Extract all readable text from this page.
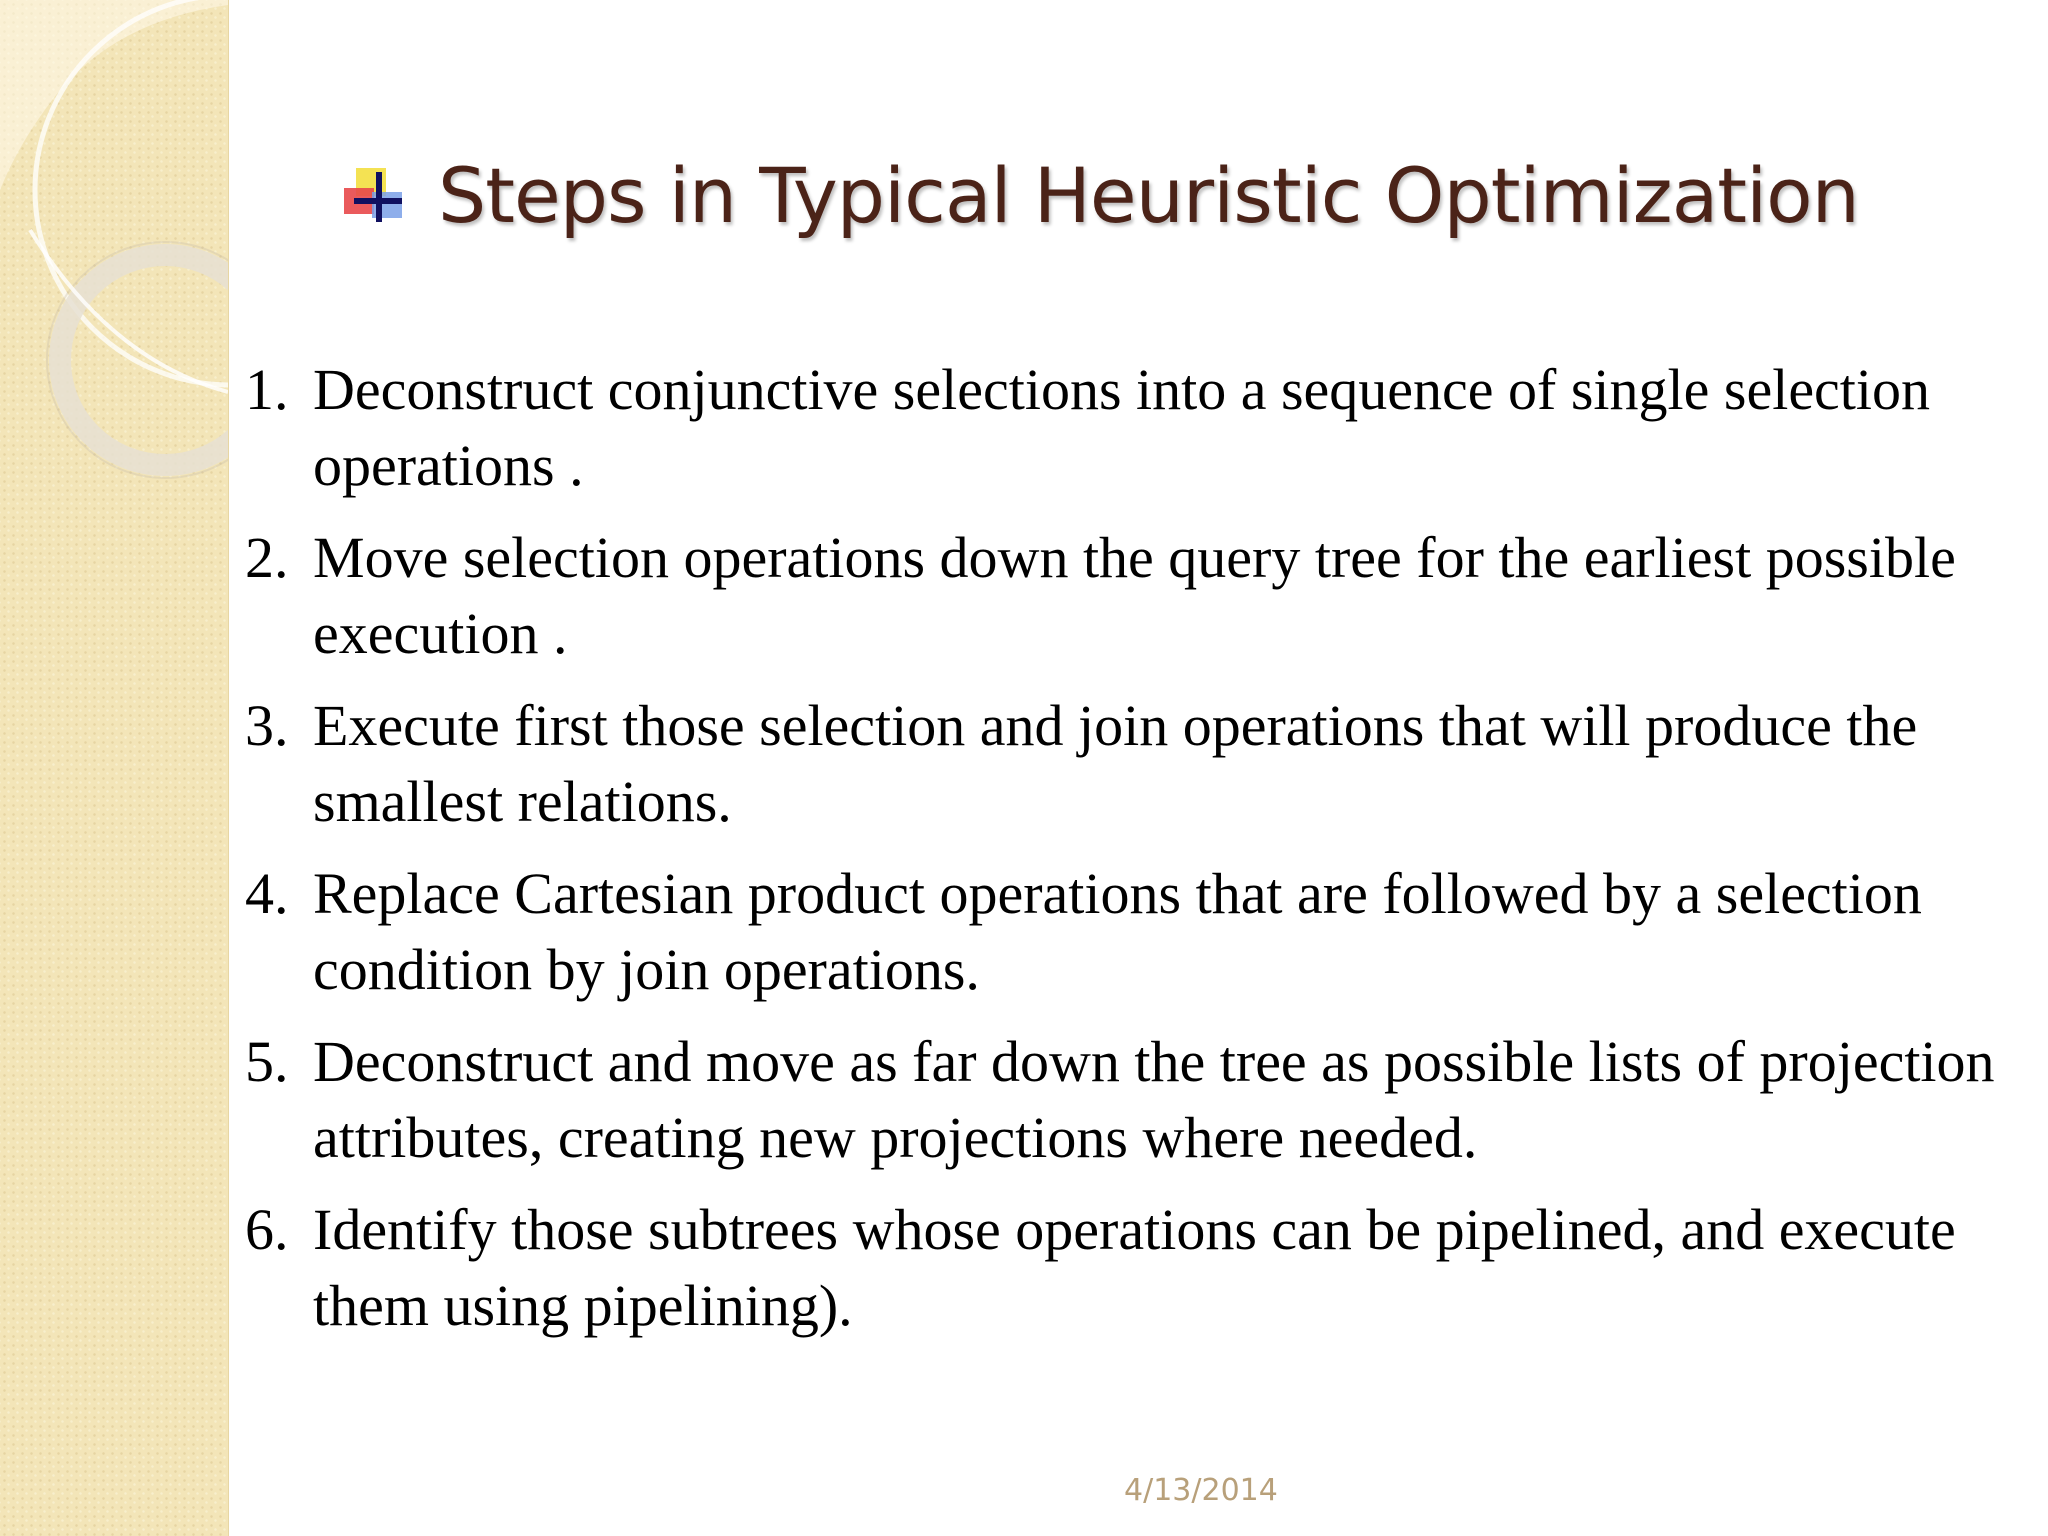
Steps in Typical Heuristic Optimization
1. Deconstruct conjunctive selections into a sequence of single selection operations .
2. Move selection operations down the query tree for the earliest possible execution .
3. Execute first those selection and join operations that will produce the smallest relations.
4. Replace Cartesian product operations that are followed by a selection condition by join operations.
5. Deconstruct and move as far down the tree as possible lists of projection attributes, creating new projections where needed.
6. Identify those subtrees whose operations can be pipelined, and execute them using pipelining).
4/13/2014
